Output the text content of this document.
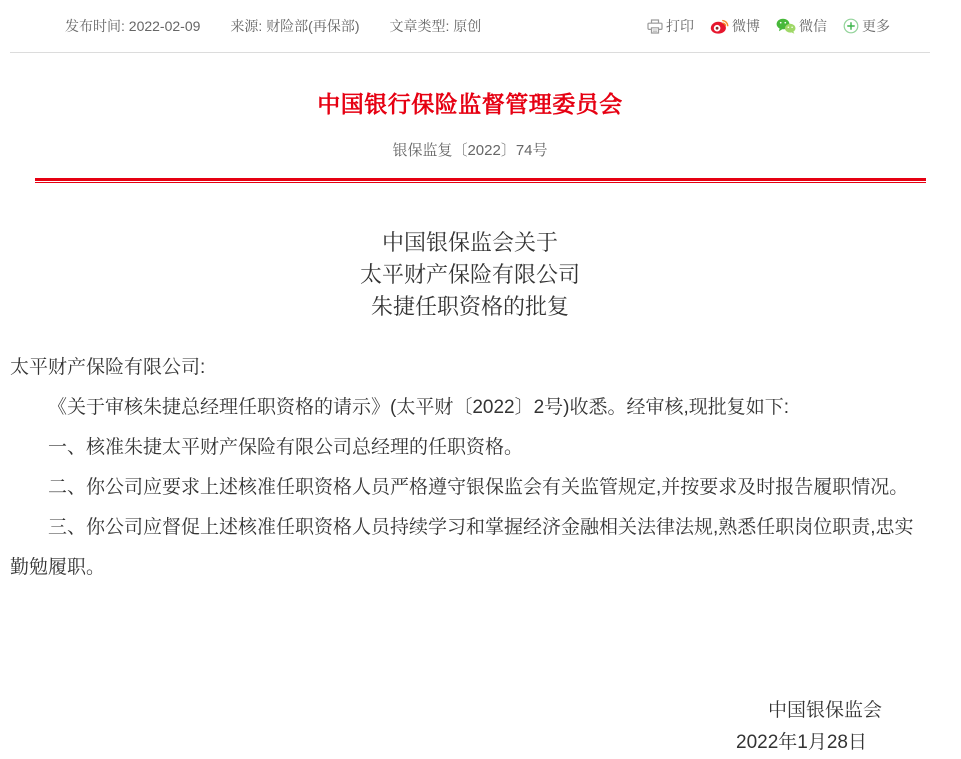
发布时间: 2022-02-09 来源: 财险部(再保部) 文章类型: 原创	打印	微博	微信	更多
中国银行保险监督管理委员会
银保监复〔2022〕74号
中国银保监会关于
太平财产保险有限公司
朱捷任职资格的批复

太平财产保险有限公司:

《关于审核朱捷总经理任职资格的请示》(太平财〔2022〕2号)收悉。经审核,现批复如下:

一、核准朱捷太平财产保险有限公司总经理的任职资格。

二、你公司应要求上述核准任职资格人员严格遵守银保监会有关监管规定,并按要求及时报告履职情况。

三、你公司应督促上述核准任职资格人员持续学习和掌握经济金融相关法律法规,熟悉任职岗位职责,忠实勤勉履职。

中国银保监会
2022年1月28日
